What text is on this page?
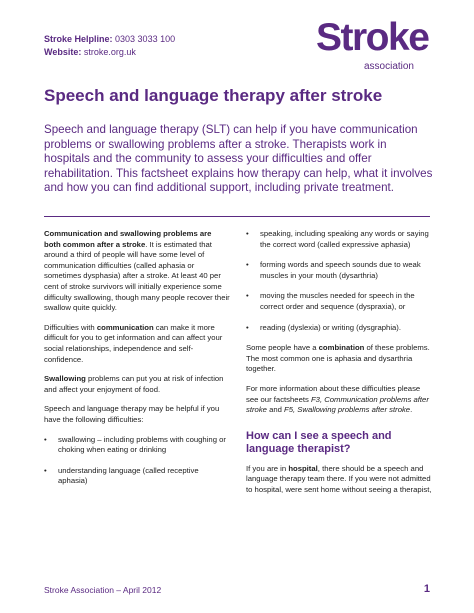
Stroke Helpline: 0303 3033 100
Website: stroke.org.uk	Stroke
association
Speech and language therapy after stroke
Speech and language therapy (SLT) can help if you have communication problems or swallowing problems after a stroke. Therapists work in hospitals and the community to assess your difficulties and offer rehabilitation. This factsheet explains how therapy can help, what it involves and how you can find additional support, including private treatment.

Communication and swallowing problems are both common after a stroke. It is estimated that around a third of people will have some level of communication difficulties (called aphasia or sometimes dysphasia) after a stroke. At least 40 per cent of stroke survivors will initially experience some difficulty swallowing, though many people recover their swallow quite quickly.

Difficulties with communication can make it more difficult for you to get information and can affect your social relationships, independence and self-confidence.

Swallowing problems can put you at risk of infection and affect your enjoyment of food.

Speech and language therapy may be helpful if you have the following difficulties:

• swallowing – including problems with coughing or choking when eating or drinking
• understanding language (called receptive aphasia)
• speaking, including speaking any words or saying the correct word (called expressive aphasia)
• forming words and speech sounds due to weak muscles in your mouth (dysarthria)
• moving the muscles needed for speech in the correct order and sequence (dyspraxia), or
• reading (dyslexia) or writing (dysgraphia).

Some people have a combination of these problems. The most common one is aphasia and dysarthria together.

For more information about these difficulties please see our factsheets F3, Communication problems after stroke and F5, Swallowing problems after stroke.

How can I see a speech and language therapist?

If you are in hospital, there should be a speech and language therapy team there. If you were not admitted to hospital, were sent home without seeing a therapist,

Stroke Association – April 2012	1
